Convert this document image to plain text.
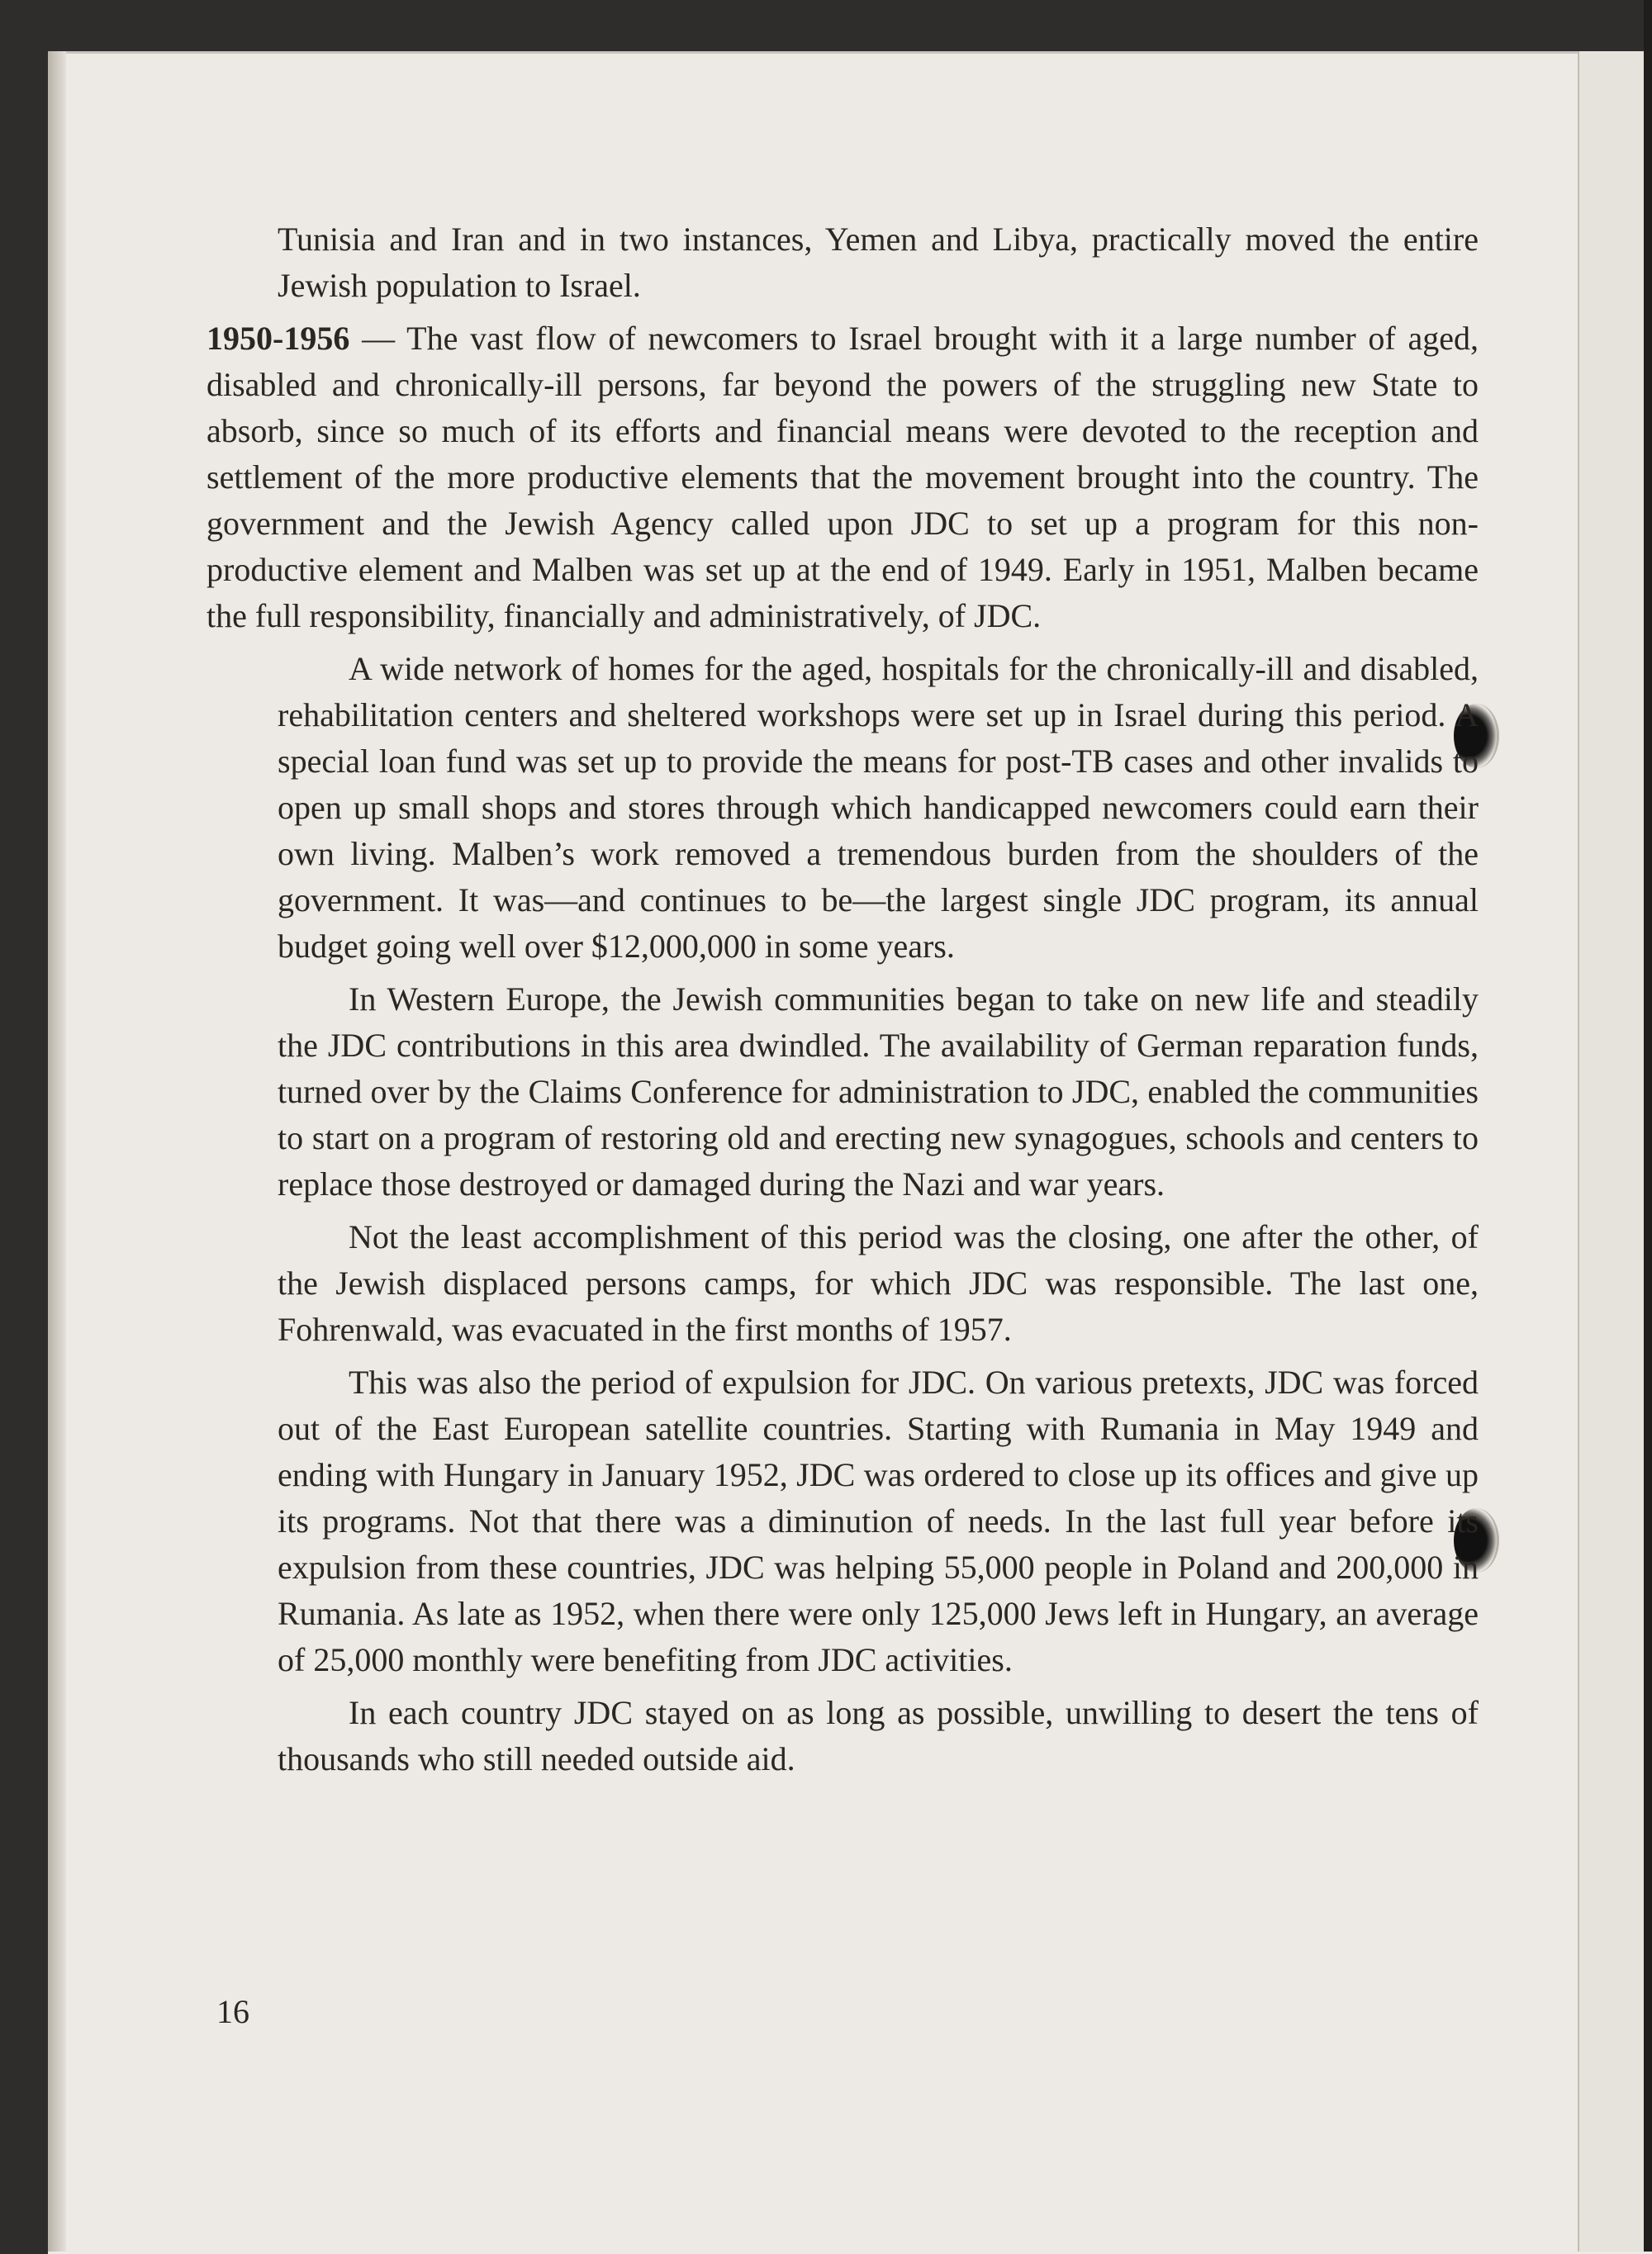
Tunisia and Iran and in two instances, Yemen and Libya, practically moved the entire Jewish population to Israel.

1950-1956 — The vast flow of newcomers to Israel brought with it a large number of aged, disabled and chronically-ill persons, far beyond the powers of the struggling new State to absorb, since so much of its efforts and financial means were devoted to the reception and settlement of the more productive elements that the movement brought into the country. The government and the Jewish Agency called upon JDC to set up a program for this non-productive element and Malben was set up at the end of 1949. Early in 1951, Malben became the full responsibility, financially and administratively, of JDC.

A wide network of homes for the aged, hospitals for the chronically-ill and disabled, rehabilitation centers and sheltered workshops were set up in Israel during this period. A special loan fund was set up to provide the means for post-TB cases and other invalids to open up small shops and stores through which handicapped newcomers could earn their own living. Malben’s work removed a tremendous burden from the shoulders of the government. It was—and continues to be—the largest single JDC program, its annual budget going well over $12,000,000 in some years.

In Western Europe, the Jewish communities began to take on new life and steadily the JDC contributions in this area dwindled. The availability of German reparation funds, turned over by the Claims Conference for administration to JDC, enabled the communities to start on a program of restoring old and erecting new synagogues, schools and centers to replace those destroyed or damaged during the Nazi and war years.

Not the least accomplishment of this period was the closing, one after the other, of the Jewish displaced persons camps, for which JDC was responsible. The last one, Fohrenwald, was evacuated in the first months of 1957.

This was also the period of expulsion for JDC. On various pretexts, JDC was forced out of the East European satellite countries. Starting with Rumania in May 1949 and ending with Hungary in January 1952, JDC was ordered to close up its offices and give up its programs. Not that there was a diminution of needs. In the last full year before its expulsion from these countries, JDC was helping 55,000 people in Poland and 200,000 in Rumania. As late as 1952, when there were only 125,000 Jews left in Hungary, an average of 25,000 monthly were benefiting from JDC activities.

In each country JDC stayed on as long as possible, unwilling to desert the tens of thousands who still needed outside aid.

16
